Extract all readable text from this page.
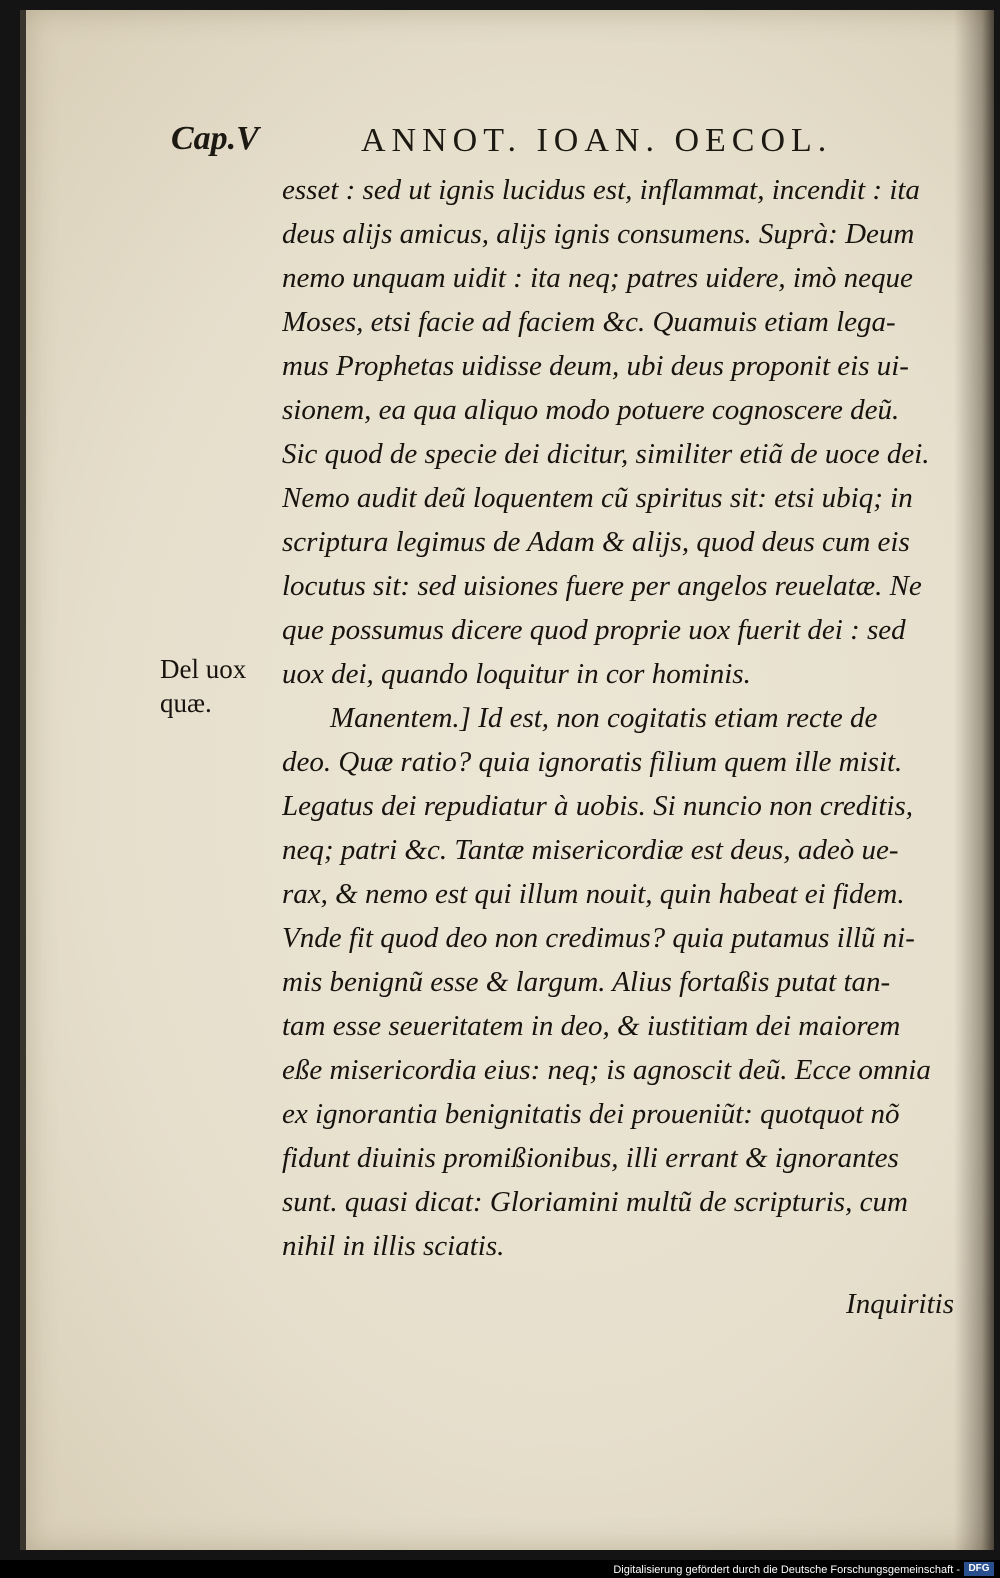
Cap.V	ANNOT. IOAN. OECOL.
Del uox quæ.
esset : sed ut ignis lucidus est, inflammat, incendit : ita
deus alijs amicus, alijs ignis consumens. Suprà: Deum
nemo unquam uidit : ita neq; patres uidere, imò neque
Moses, etsi facie ad faciem &c. Quamuis etiam lega-
mus Prophetas uidisse deum, ubi deus proponit eis ui-
sionem, ea qua aliquo modo potuere cognoscere deũ.
Sic quod de specie dei dicitur, similiter etiã de uoce dei.
Nemo audit deũ loquentem cũ spiritus sit: etsi ubiq; in
scriptura legimus de Adam & alijs, quod deus cum eis
locutus sit: sed uisiones fuere per angelos reuelatæ. Ne
que possumus dicere quod proprie uox fuerit dei : sed
uox dei, quando loquitur in cor hominis.
Manentem.] Id est, non cogitatis etiam recte de
deo. Quæ ratio? quia ignoratis filium quem ille misit.
Legatus dei repudiatur à uobis. Si nuncio non creditis,
neq; patri &c. Tantæ misericordiæ est deus, adeò ue-
rax, & nemo est qui illum nouit, quin habeat ei fidem.
Vnde fit quod deo non credimus? quia putamus illũ ni-
mis benignũ esse & largum. Alius fortaßis putat tan-
tam esse seueritatem in deo, & iustitiam dei maiorem
eße misericordia eius: neq; is agnoscit deũ. Ecce omnia
ex ignorantia benignitatis dei proueniũt: quotquot nõ
fidunt diuinis promißionibus, illi errant & ignorantes
sunt. quasi dicat: Gloriamini multũ de scripturis, cum
nihil in illis sciatis.
Inquiritis
Digitalisierung gefördert durch die Deutsche Forschungsgemeinschaft - DFG
